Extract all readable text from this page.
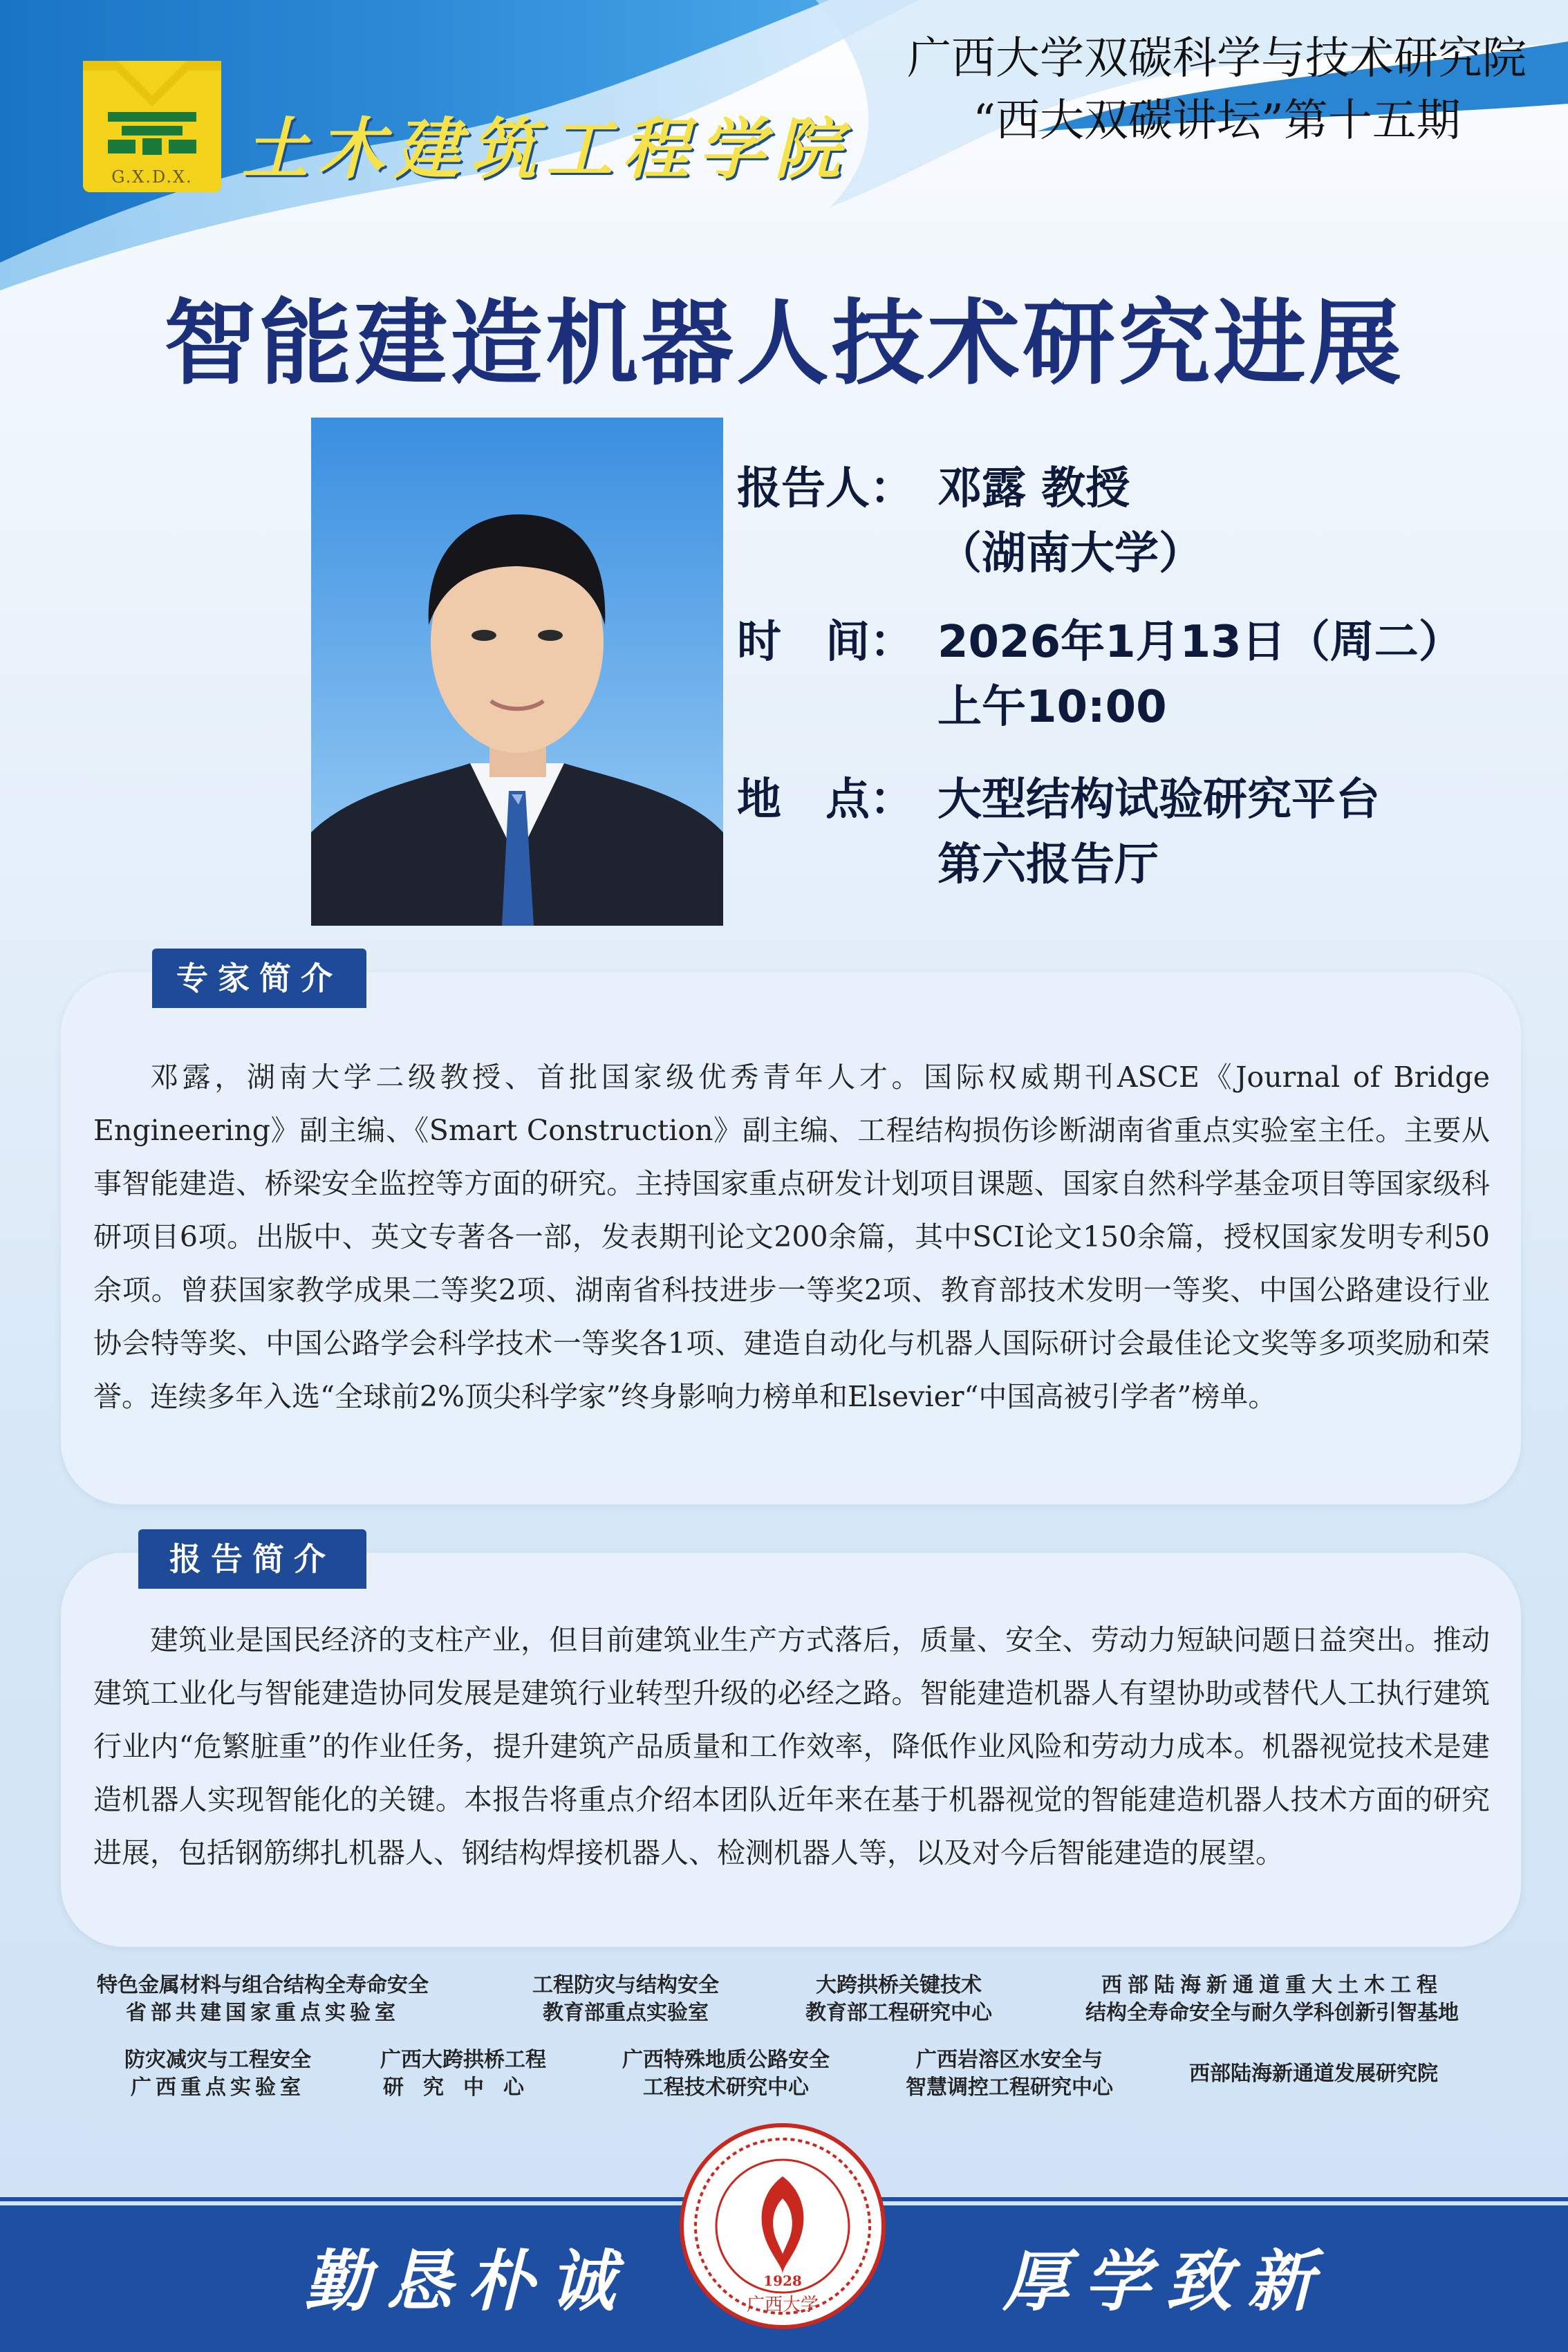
G.X.D.X. 土木建筑工程学院
广西大学双碳科学与技术研究院
“西大双碳讲坛”第十五期
智能建造机器人技术研究进展
报告人： 邓露 教授
（湖南大学）
时　间： 2026年1月13日（周二）
上午10:00
地　点： 大型结构试验研究平台
第六报告厅
专家简介
邓露，湖南大学二级教授、首批国家级优秀青年人才。国际权威期刊ASCE《Journal of Bridge Engineering》副主编、《Smart Construction》副主编、工程结构损伤诊断湖南省重点实验室主任。主要从事智能建造、桥梁安全监控等方面的研究。主持国家重点研发计划项目课题、国家自然科学基金项目等国家级科研项目6项。出版中、英文专著各一部，发表期刊论文200余篇，其中SCI论文150余篇，授权国家发明专利50余项。曾获国家教学成果二等奖2项、湖南省科技进步一等奖2项、教育部技术发明一等奖、中国公路建设行业协会特等奖、中国公路学会科学技术一等奖各1项、建造自动化与机器人国际研讨会最佳论文奖等多项奖励和荣誉。连续多年入选“全球前2%顶尖科学家”终身影响力榜单和Elsevier“中国高被引学者”榜单。
报告简介
建筑业是国民经济的支柱产业，但目前建筑业生产方式落后，质量、安全、劳动力短缺问题日益突出。推动建筑工业化与智能建造协同发展是建筑行业转型升级的必经之路。智能建造机器人有望协助或替代人工执行建筑行业内“危繁脏重”的作业任务，提升建筑产品质量和工作效率，降低作业风险和劳动力成本。机器视觉技术是建造机器人实现智能化的关键。本报告将重点介绍本团队近年来在基于机器视觉的智能建造机器人技术方面的研究进展，包括钢筋绑扎机器人、钢结构焊接机器人、检测机器人等，以及对今后智能建造的展望。
特色金属材料与组合结构全寿命安全
省部共建国家重点实验室
工程防灾与结构安全
教育部重点实验室
大跨拱桥关键技术
教育部工程研究中心
西部陆海新通道重大土木工程
结构全寿命安全与耐久学科创新引智基地
防灾减灾与工程安全
广西重点实验室
广西大跨拱桥工程
研究中心
广西特殊地质公路安全
工程技术研究中心
广西岩溶区水安全与
智慧调控工程研究中心
西部陆海新通道发展研究院
勤恳朴诚	厚学致新
1928
广西大学
